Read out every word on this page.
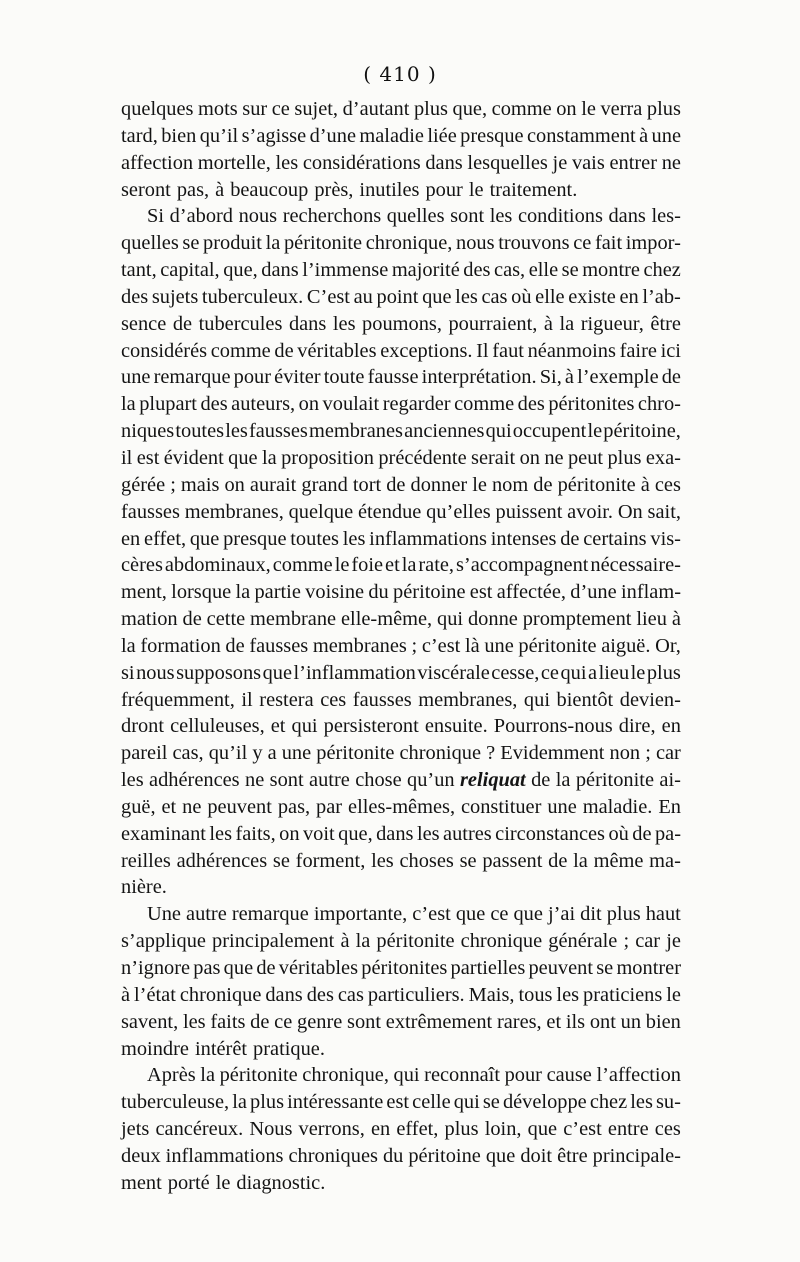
( 410 )
quelques mots sur ce sujet, d’autant plus que, comme on le verra plus
tard, bien qu’il s’agisse d’une maladie liée presque constamment à une
affection mortelle, les considérations dans lesquelles je vais entrer ne
seront pas, à beaucoup près, inutiles pour le traitement.
Si d’abord nous recherchons quelles sont les conditions dans les-
quelles se produit la péritonite chronique, nous trouvons ce fait impor-
tant, capital, que, dans l’immense majorité des cas, elle se montre chez
des sujets tuberculeux. C’est au point que les cas où elle existe en l’ab-
sence de tubercules dans les poumons, pourraient, à la rigueur, être
considérés comme de véritables exceptions. Il faut néanmoins faire ici
une remarque pour éviter toute fausse interprétation. Si, à l’exemple de
la plupart des auteurs, on voulait regarder comme des péritonites chro-
niques toutes les fausses membranes anciennes qui occupent le péritoine,
il est évident que la proposition précédente serait on ne peut plus exa-
gérée ; mais on aurait grand tort de donner le nom de péritonite à ces
fausses membranes, quelque étendue qu’elles puissent avoir. On sait,
en effet, que presque toutes les inflammations intenses de certains vis-
cères abdominaux, comme le foie et la rate, s’accompagnent nécessaire-
ment, lorsque la partie voisine du péritoine est affectée, d’une inflam-
mation de cette membrane elle-même, qui donne promptement lieu à
la formation de fausses membranes ; c’est là une péritonite aiguë. Or,
si nous supposons que l’inflammation viscérale cesse, ce qui a lieu le plus
fréquemment, il restera ces fausses membranes, qui bientôt devien-
dront celluleuses, et qui persisteront ensuite. Pourrons-nous dire, en
pareil cas, qu’il y a une péritonite chronique ? Evidemment non ; car
les adhérences ne sont autre chose qu’un reliquat de la péritonite ai-
guë, et ne peuvent pas, par elles-mêmes, constituer une maladie. En
examinant les faits, on voit que, dans les autres circonstances où de pa-
reilles adhérences se forment, les choses se passent de la même ma-
nière.
Une autre remarque importante, c’est que ce que j’ai dit plus haut
s’applique principalement à la péritonite chronique générale ; car je
n’ignore pas que de véritables péritonites partielles peuvent se montrer
à l’état chronique dans des cas particuliers. Mais, tous les praticiens le
savent, les faits de ce genre sont extrêmement rares, et ils ont un bien
moindre intérêt pratique.
Après la péritonite chronique, qui reconnaît pour cause l’affection
tuberculeuse, la plus intéressante est celle qui se développe chez les su-
jets cancéreux. Nous verrons, en effet, plus loin, que c’est entre ces
deux inflammations chroniques du péritoine que doit être principale-
ment porté le diagnostic.
